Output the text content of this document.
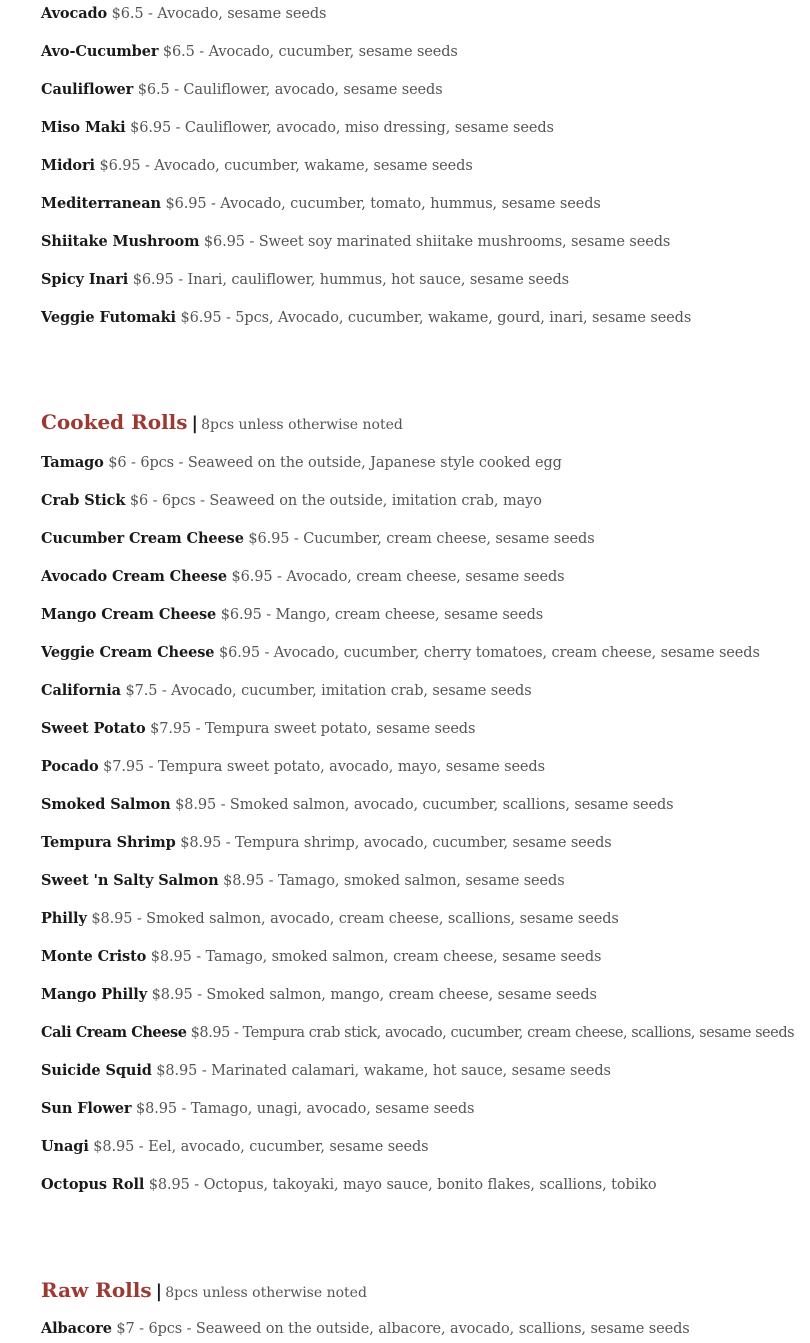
Avocado $6.5 - Avocado, sesame seeds
Avo-Cucumber $6.5 - Avocado, cucumber, sesame seeds
Cauliflower $6.5 - Cauliflower, avocado, sesame seeds
Miso Maki $6.95 - Cauliflower, avocado, miso dressing, sesame seeds
Midori $6.95 - Avocado, cucumber, wakame, sesame seeds
Mediterranean $6.95 - Avocado, cucumber, tomato, hummus, sesame seeds
Shiitake Mushroom $6.95 - Sweet soy marinated shiitake mushrooms, sesame seeds
Spicy Inari $6.95 - Inari, cauliflower, hummus, hot sauce, sesame seeds
Veggie Futomaki $6.95 - 5pcs, Avocado, cucumber, wakame, gourd, inari, sesame seeds
Cooked Rolls | 8pcs unless otherwise noted
Tamago $6 - 6pcs - Seaweed on the outside, Japanese style cooked egg
Crab Stick $6 - 6pcs - Seaweed on the outside, imitation crab, mayo
Cucumber Cream Cheese $6.95 - Cucumber, cream cheese, sesame seeds
Avocado Cream Cheese $6.95 - Avocado, cream cheese, sesame seeds
Mango Cream Cheese $6.95 - Mango, cream cheese, sesame seeds
Veggie Cream Cheese $6.95 - Avocado, cucumber, cherry tomatoes, cream cheese, sesame seeds
California $7.5 - Avocado, cucumber, imitation crab, sesame seeds
Sweet Potato $7.95 - Tempura sweet potato, sesame seeds
Pocado $7.95 - Tempura sweet potato, avocado, mayo, sesame seeds
Smoked Salmon $8.95 - Smoked salmon, avocado, cucumber, scallions, sesame seeds
Tempura Shrimp $8.95 - Tempura shrimp, avocado, cucumber, sesame seeds
Sweet 'n Salty Salmon $8.95 - Tamago, smoked salmon, sesame seeds
Philly $8.95 - Smoked salmon, avocado, cream cheese, scallions, sesame seeds
Monte Cristo $8.95 - Tamago, smoked salmon, cream cheese, sesame seeds
Mango Philly $8.95 - Smoked salmon, mango, cream cheese, sesame seeds
Cali Cream Cheese $8.95 - Tempura crab stick, avocado, cucumber, cream cheese, scallions, sesame seeds
Suicide Squid $8.95 - Marinated calamari, wakame, hot sauce, sesame seeds
Sun Flower $8.95 - Tamago, unagi, avocado, sesame seeds
Unagi $8.95 - Eel, avocado, cucumber, sesame seeds
Octopus Roll $8.95 - Octopus, takoyaki, mayo sauce, bonito flakes, scallions, tobiko
Raw Rolls | 8pcs unless otherwise noted
Albacore $7 - 6pcs - Seaweed on the outside, albacore, avocado, scallions, sesame seeds
